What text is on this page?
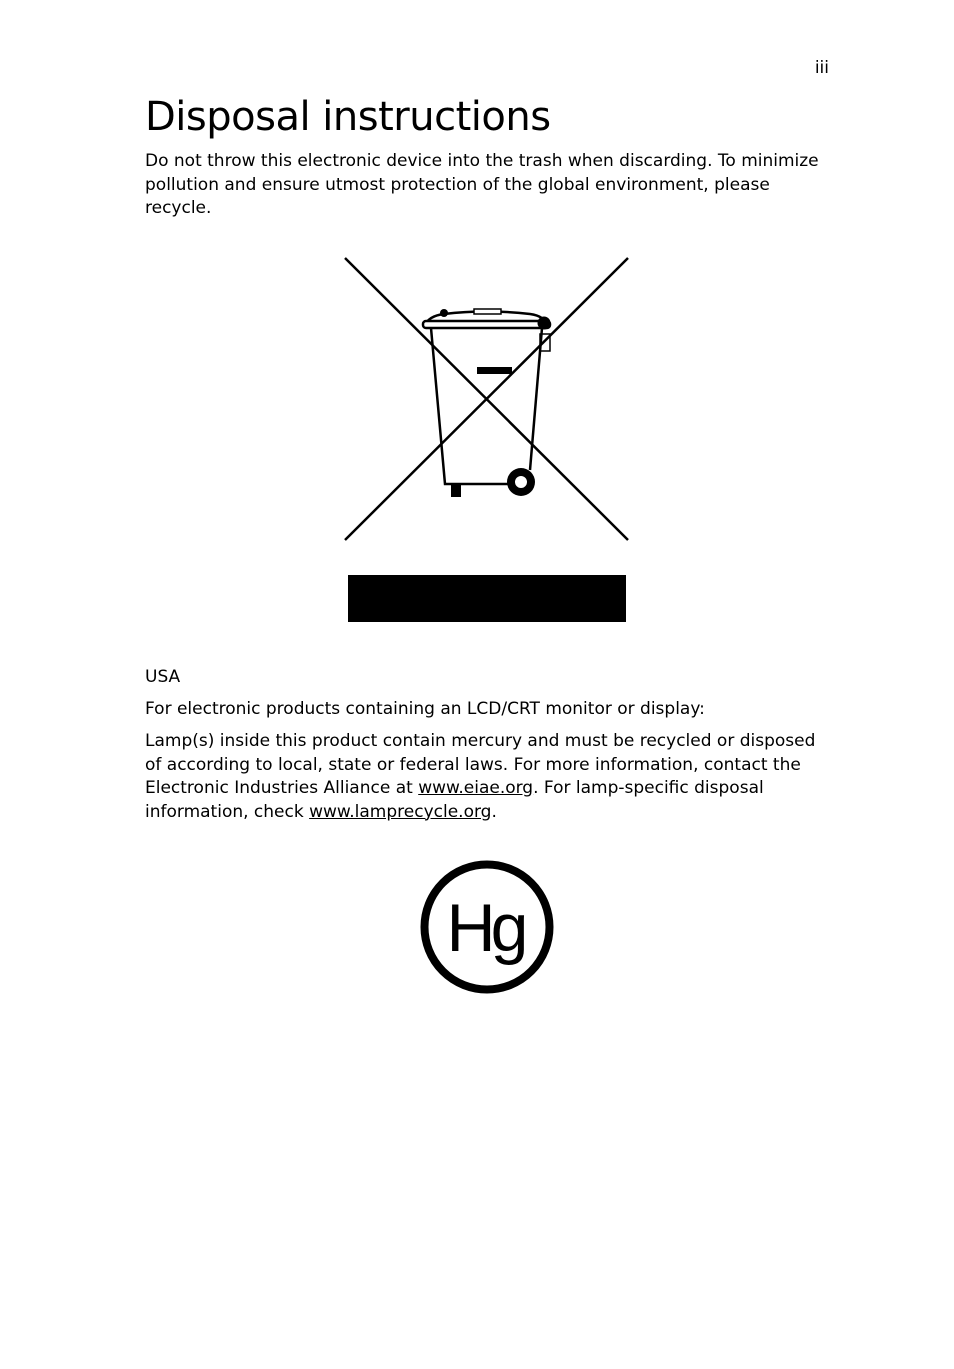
iii
Disposal instructions

Do not throw this electronic device into the trash when discarding. To minimize pollution and ensure utmost protection of the global environment, please recycle.

USA

For electronic products containing an LCD/CRT monitor or display:

Lamp(s) inside this product contain mercury and must be recycled or disposed of according to local, state or federal laws. For more information, contact the Electronic Industries Alliance at www.eiae.org. For lamp-specific disposal information, check www.lamprecycle.org.

Hg
